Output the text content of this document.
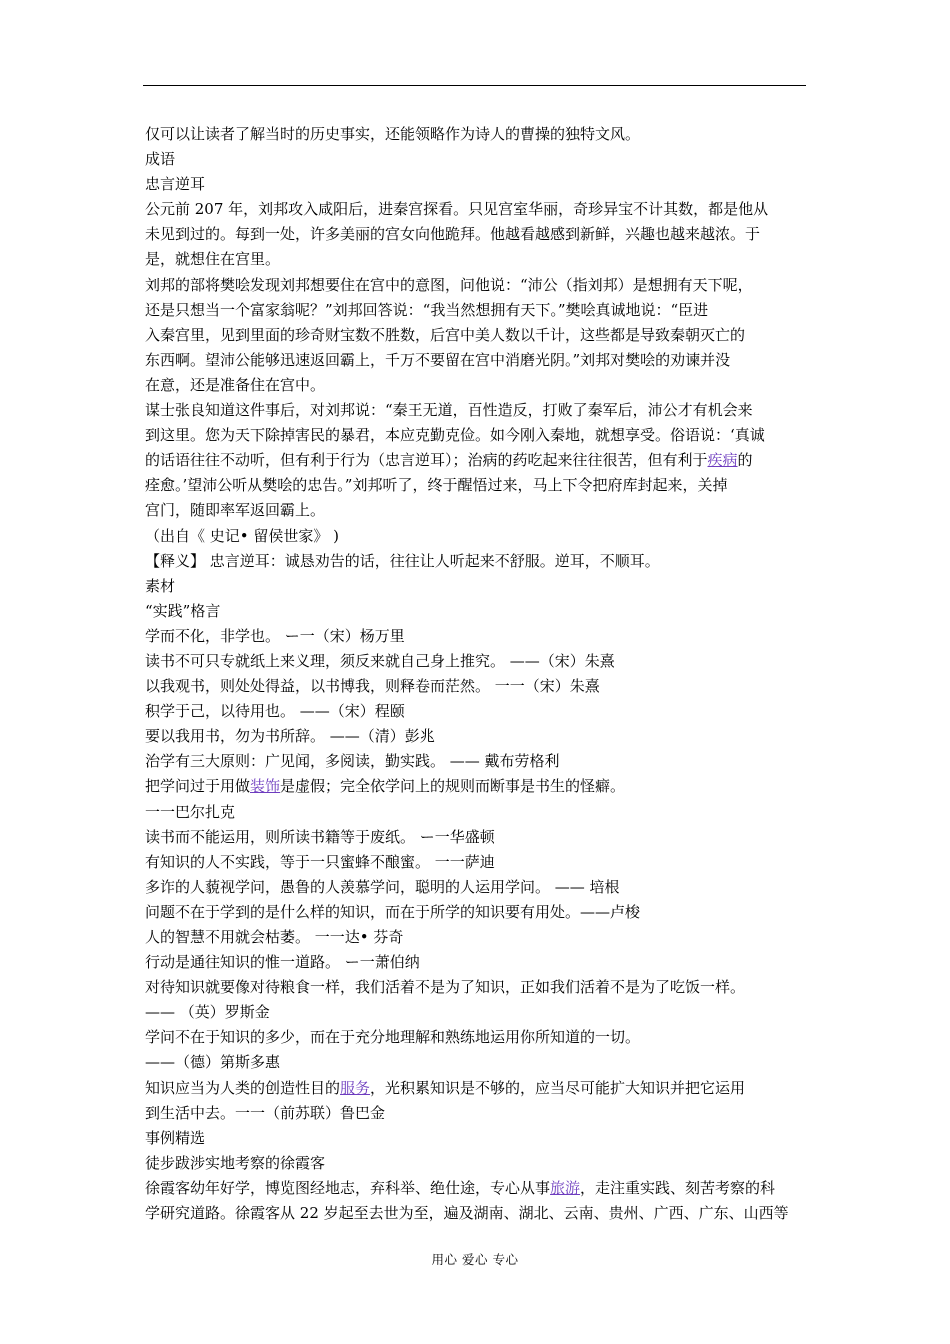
仅可以让读者了解当时的历史事实，还能领略作为诗人的曹操的独特文风。
成语
忠言逆耳
公元前 207 年，刘邦攻入咸阳后，进秦宫探看。只见宫室华丽，奇珍异宝不计其数，都是他从
未见到过的。每到一处，许多美丽的宫女向他跪拜。他越看越感到新鲜，兴趣也越来越浓。于
是，就想住在宫里。
刘邦的部将樊哙发现刘邦想要住在宫中的意图，问他说：“沛公（指刘邦）是想拥有天下呢，
还是只想当一个富家翁呢？”刘邦回答说：“我当然想拥有天下。”樊哙真诚地说：“臣进
入秦宫里，见到里面的珍奇财宝数不胜数，后宫中美人数以千计，这些都是导致秦朝灭亡的
东西啊。望沛公能够迅速返回霸上，千万不要留在宫中消磨光阴。”刘邦对樊哙的劝谏并没
在意，还是准备住在宫中。
谋士张良知道这件事后，对刘邦说：“秦王无道，百性造反，打败了秦军后，沛公才有机会来
到这里。您为天下除掉害民的暴君，本应克勤克俭。如今刚入秦地，就想享受。俗语说：‘真诚
的话语往往不动听，但有利于行为（忠言逆耳）；治病的药吃起来往往很苦，但有利于疾病的
痊愈。’望沛公听从樊哙的忠告。”刘邦听了，终于醒悟过来，马上下令把府库封起来，关掉
宫门，随即率军返回霸上。
（出自《 史记• 留侯世家》 )
【释义】 忠言逆耳：诚恳劝告的话，往往让人听起来不舒服。逆耳，不顺耳。
素材
“实践”格言
学而不化，非学也。 ー一（宋）杨万里
读书不可只专就纸上来义理，须反来就自己身上推究。 ——（宋）朱熹
以我观书，则处处得益，以书博我，则释卷而茫然。 一一（宋）朱熹
积学于己，以待用也。 ——（宋）程颐
要以我用书，勿为书所辞。 ——（清）彭兆
治学有三大原则：广见闻，多阅读，勤实践。 —— 戴布劳格利
把学问过于用做装饰是虚假；完全依学问上的规则而断事是书生的怪癖。
一一巴尔扎克
读书而不能运用，则所读书籍等于废纸。 ー一华盛顿
有知识的人不实践，等于一只蜜蜂不酿蜜。 一一萨迪
多诈的人藐视学问，愚鲁的人羡慕学问，聪明的人运用学问。 —— 培根
问题不在于学到的是什么样的知识，而在于所学的知识要有用处。——卢梭
人的智慧不用就会枯萎。 一一达• 芬奇
行动是通往知识的惟一道路。 ー一萧伯纳
对待知识就要像对待粮食一样，我们活着不是为了知识，正如我们活着不是为了吃饭一样。
—— （英）罗斯金
学问不在于知识的多少，而在于充分地理解和熟练地运用你所知道的一切。
——（德）第斯多惠
知识应当为人类的创造性目的服务，光积累知识是不够的，应当尽可能扩大知识并把它运用
到生活中去。一一（前苏联）鲁巴金
事例精选
徒步跋涉实地考察的徐霞客
徐霞客幼年好学，博览图经地志，弃科举、绝仕途，专心从事旅游，走注重实践、刻苦考察的科
学研究道路。徐霞客从 22 岁起至去世为至，遍及湖南、湖北、云南、贵州、广西、广东、山西等
用心 爱心 专心
